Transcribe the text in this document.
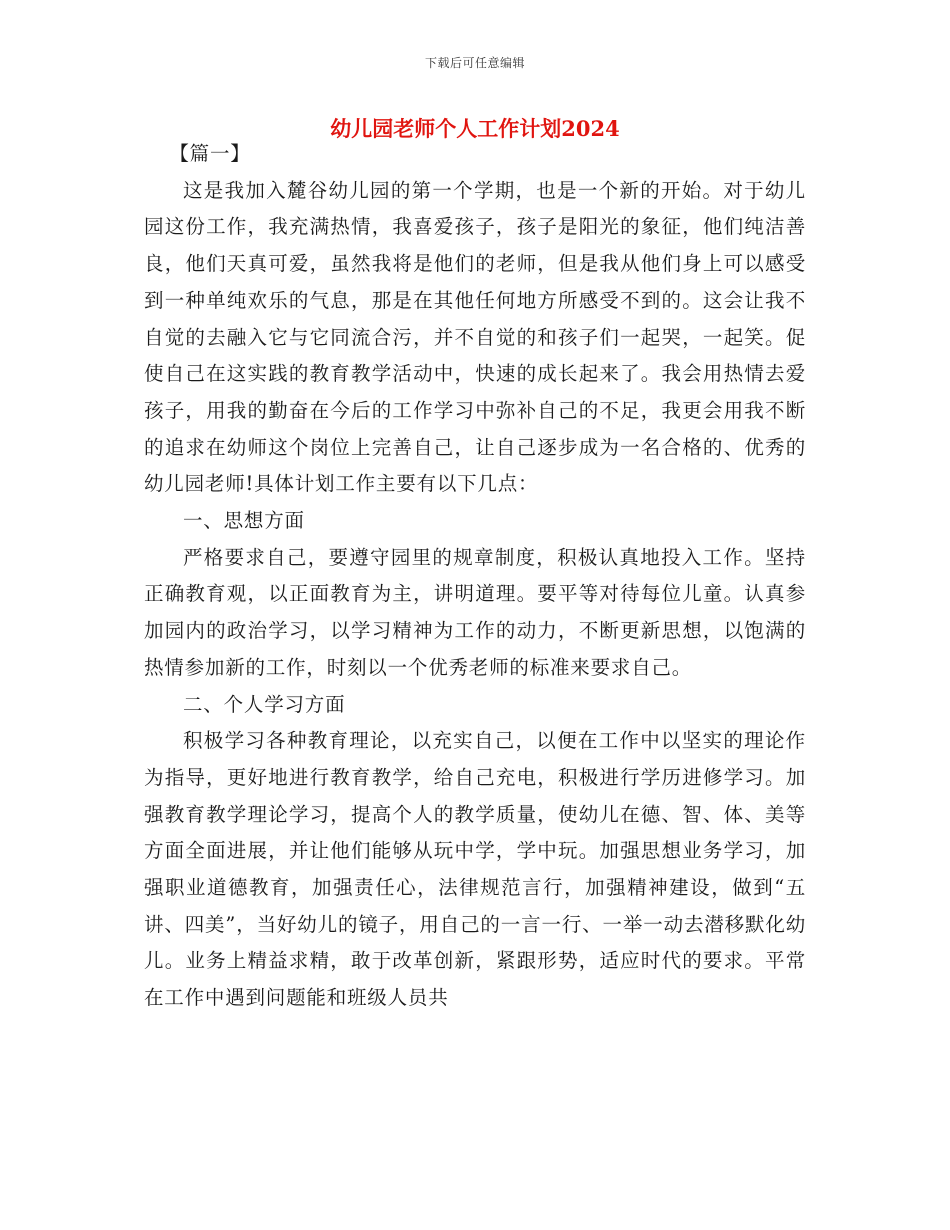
下载后可任意编辑
幼儿园老师个人工作计划2024

【篇一】

这是我加入麓谷幼儿园的第一个学期，也是一个新的开始。对于幼儿园这份工作，我充满热情，我喜爱孩子，孩子是阳光的象征，他们纯洁善良，他们天真可爱，虽然我将是他们的老师，但是我从他们身上可以感受到一种单纯欢乐的气息，那是在其他任何地方所感受不到的。这会让我不自觉的去融入它与它同流合污，并不自觉的和孩子们一起哭，一起笑。促使自己在这实践的教育教学活动中，快速的成长起来了。我会用热情去爱孩子，用我的勤奋在今后的工作学习中弥补自己的不足，我更会用我不断的追求在幼师这个岗位上完善自己，让自己逐步成为一名合格的、优秀的幼儿园老师!具体计划工作主要有以下几点：

一、思想方面

严格要求自己，要遵守园里的规章制度，积极认真地投入工作。坚持正确教育观，以正面教育为主，讲明道理。要平等对待每位儿童。认真参加园内的政治学习，以学习精神为工作的动力，不断更新思想，以饱满的热情参加新的工作，时刻以一个优秀老师的标准来要求自己。

二、个人学习方面

积极学习各种教育理论，以充实自己，以便在工作中以坚实的理论作为指导，更好地进行教育教学，给自己充电，积极进行学历进修学习。加强教育教学理论学习，提高个人的教学质量，使幼儿在德、智、体、美等方面全面进展，并让他们能够从玩中学，学中玩。加强思想业务学习，加强职业道德教育，加强责任心，法律规范言行，加强精神建设，做到“五讲、四美”，当好幼儿的镜子，用自己的一言一行、一举一动去潜移默化幼儿。业务上精益求精，敢于改革创新，紧跟形势，适应时代的要求。平常在工作中遇到问题能和班级人员共
